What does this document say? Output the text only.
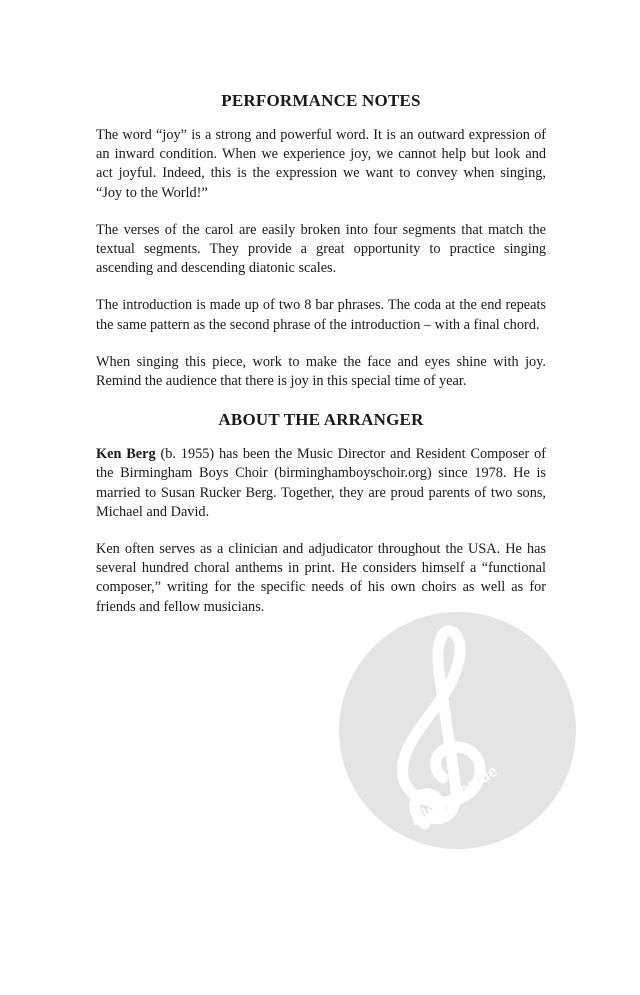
PERFORMANCE NOTES

The word “joy” is a strong and powerful word. It is an outward expression of an inward condition. When we experience joy, we cannot help but look and act joyful. Indeed, this is the expression we want to convey when singing, “Joy to the World!”

The verses of the carol are easily broken into four segments that match the textual segments. They provide a great opportunity to practice singing ascending and descending diatonic scales.

The introduction is made up of two 8 bar phrases. The coda at the end repeats the same pattern as the second phrase of the introduction – with a final chord.

When singing this piece, work to make the face and eyes shine with joy. Remind the audience that there is joy in this special time of year.

ABOUT THE ARRANGER

Ken Berg (b. 1955) has been the Music Director and Resident Composer of the Birmingham Boys Choir (birminghamboyschoir.org) since 1978. He is married to Susan Rucker Berg. Together, they are proud parents of two sons, Michael and David.

Ken often serves as a clinician and adjudicator throughout the USA. He has several hundred choral anthems in print. He considers himself a “functional composer,” writing for the specific needs of his own choirs as well as for friends and fellow musicians.

alle-noten.de
